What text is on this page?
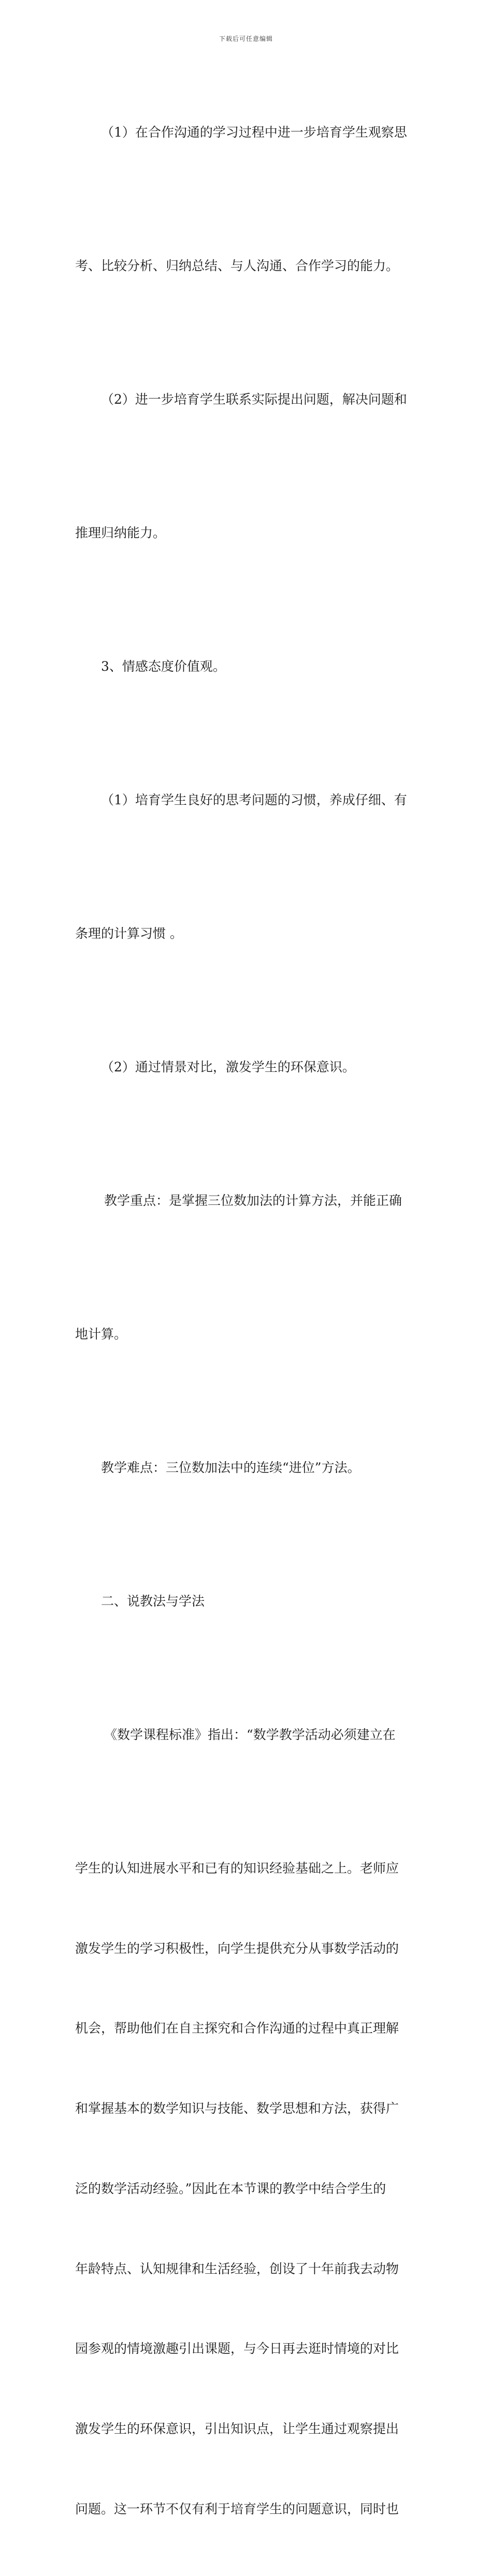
下载后可任意编辑

（1）在合作沟通的学习过程中进一步培育学生观察思

考、比较分析、归纳总结、与人沟通、合作学习的能力。

（2）进一步培育学生联系实际提出问题，解决问题和

推理归纳能力。

3、情感态度价值观。

（1）培育学生良好的思考问题的习惯，养成仔细、有

条理的计算习惯 。

（2）通过情景对比，激发学生的环保意识。

教学重点：是掌握三位数加法的计算方法，并能正确

地计算。

教学难点：三位数加法中的连续“进位”方法。

二、说教法与学法

《数学课程标准》指出：“数学教学活动必须建立在

学生的认知进展水平和已有的知识经验基础之上。老师应

激发学生的学习积极性，向学生提供充分从事数学活动的

机会，帮助他们在自主探究和合作沟通的过程中真正理解

和掌握基本的数学知识与技能、数学思想和方法，获得广

泛的数学活动经验。”因此在本节课的教学中结合学生的

年龄特点、认知规律和生活经验，创设了十年前我去动物

园参观的情境激趣引出课题，与今日再去逛时情境的对比

激发学生的环保意识，引出知识点，让学生通过观察提出

问题。这一环节不仅有利于培育学生的问题意识，同时也
